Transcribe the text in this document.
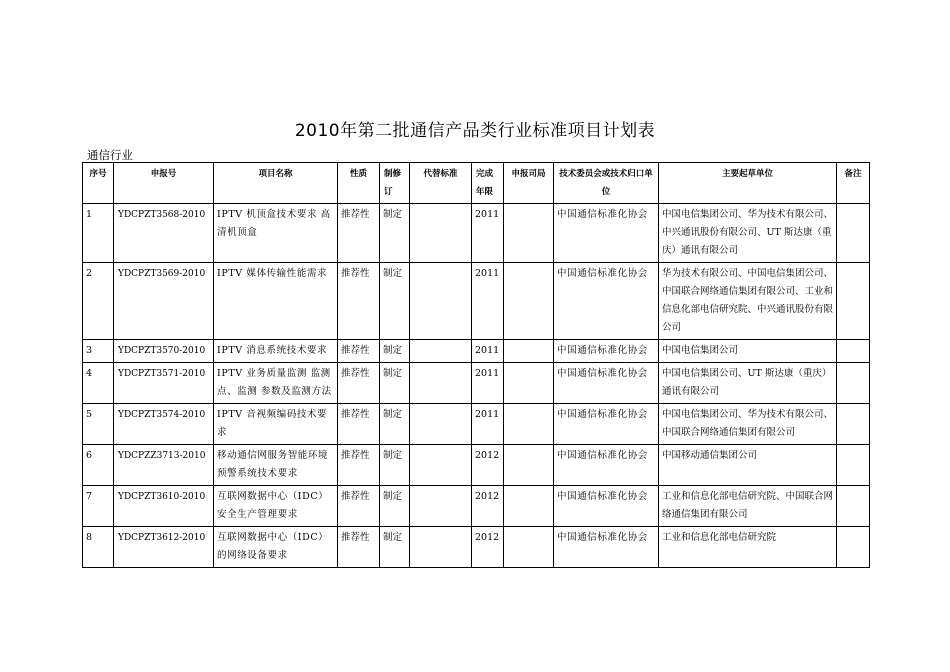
2010年第二批通信产品类行业标准项目计划表
通信行业
序号	申报号	项目名称	性质	制修订	代替标准	完成年限	申报司局	技术委员会或技术归口单位	主要起草单位	备注
1	YDCPZT3568-2010	IPTV 机顶盒技术要求 高清机顶盒	推荐性	制定		2011		中国通信标准化协会	中国电信集团公司、华为技术有限公司、中兴通讯股份有限公司、UT 斯达康（重庆）通讯有限公司	
2	YDCPZT3569-2010	IPTV 媒体传输性能需求	推荐性	制定		2011		中国通信标准化协会	华为技术有限公司、中国电信集团公司、中国联合网络通信集团有限公司、工业和信息化部电信研究院、中兴通讯股份有限公司	
3	YDCPZT3570-2010	IPTV 消息系统技术要求	推荐性	制定		2011		中国通信标准化协会	中国电信集团公司	
4	YDCPZT3571-2010	IPTV 业务质量监测 监测点、监测 参数及监测方法	推荐性	制定		2011		中国通信标准化协会	中国电信集团公司、UT 斯达康（重庆）通讯有限公司	
5	YDCPZT3574-2010	IPTV 音视频编码技术要求	推荐性	制定		2011		中国通信标准化协会	中国电信集团公司、华为技术有限公司、中国联合网络通信集团有限公司	
6	YDCPZZ3713-2010	移动通信网服务智能环境预警系统技术要求	推荐性	制定		2012		中国通信标准化协会	中国移动通信集团公司	
7	YDCPZT3610-2010	互联网数据中心（IDC）安全生产管理要求	推荐性	制定		2012		中国通信标准化协会	工业和信息化部电信研究院、中国联合网络通信集团有限公司	
8	YDCPZT3612-2010	互联网数据中心（IDC）的网络设备要求	推荐性	制定		2012		中国通信标准化协会	工业和信息化部电信研究院	
